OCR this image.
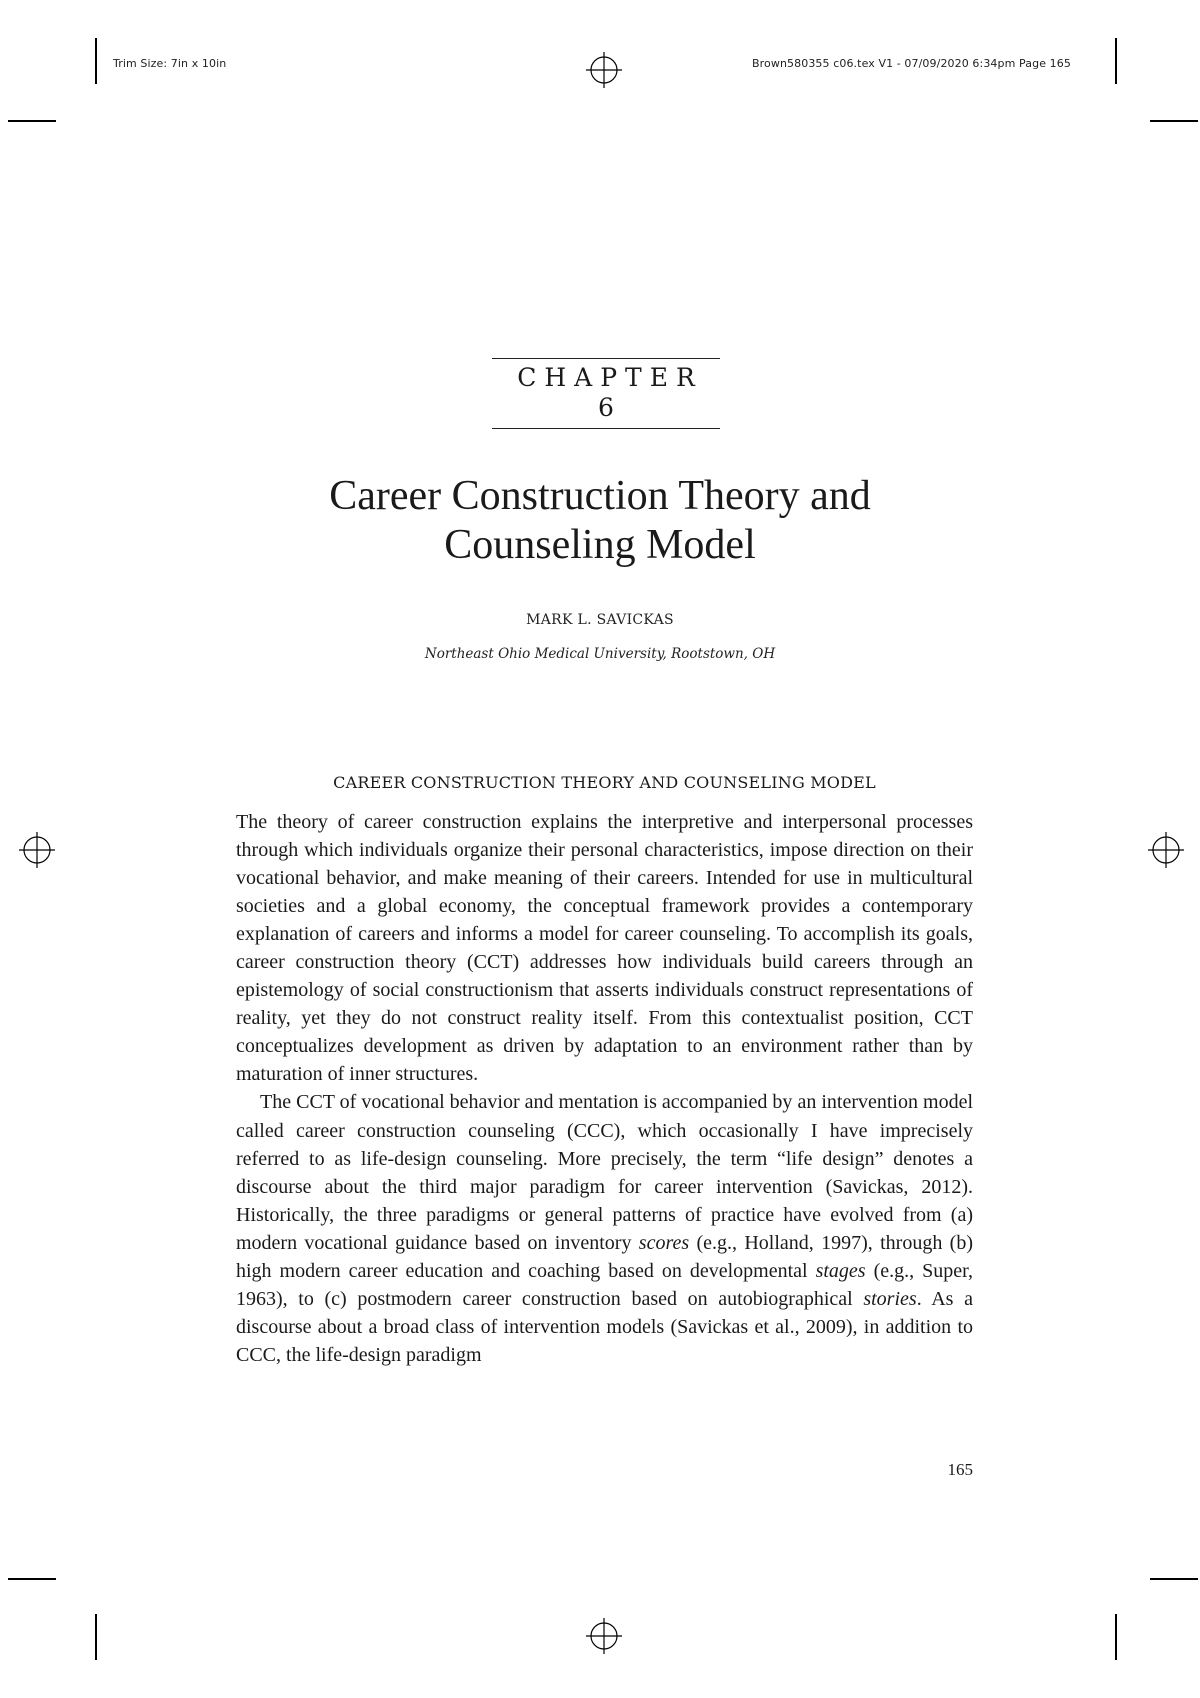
Trim Size: 7in x 10in	Brown580355 c06.tex V1 - 07/09/2020 6:34pm Page 165
CHAPTER 6
Career Construction Theory and Counseling Model
MARK L. SAVICKAS
Northeast Ohio Medical University, Rootstown, OH
CAREER CONSTRUCTION THEORY AND COUNSELING MODEL

The theory of career construction explains the interpretive and interpersonal processes through which individuals organize their personal characteristics, impose direction on their vocational behavior, and make meaning of their careers. Intended for use in multicultural societies and a global economy, the conceptual framework provides a contemporary explanation of careers and informs a model for career counseling. To accomplish its goals, career construction theory (CCT) addresses how individuals build careers through an epistemology of social constructionism that asserts individuals construct representations of reality, yet they do not construct reality itself. From this contextualist position, CCT conceptualizes development as driven by adaptation to an environment rather than by maturation of inner structures.

The CCT of vocational behavior and mentation is accompanied by an intervention model called career construction counseling (CCC), which occasionally I have imprecisely referred to as life-design counseling. More precisely, the term “life design” denotes a discourse about the third major paradigm for career intervention (Savickas, 2012). Historically, the three paradigms or general patterns of practice have evolved from (a) modern vocational guidance based on inventory scores (e.g., Holland, 1997), through (b) high modern career education and coaching based on developmental stages (e.g., Super, 1963), to (c) postmodern career construction based on autobiographical stories. As a discourse about a broad class of intervention models (Savickas et al., 2009), in addition to CCC, the life-design paradigm

165
